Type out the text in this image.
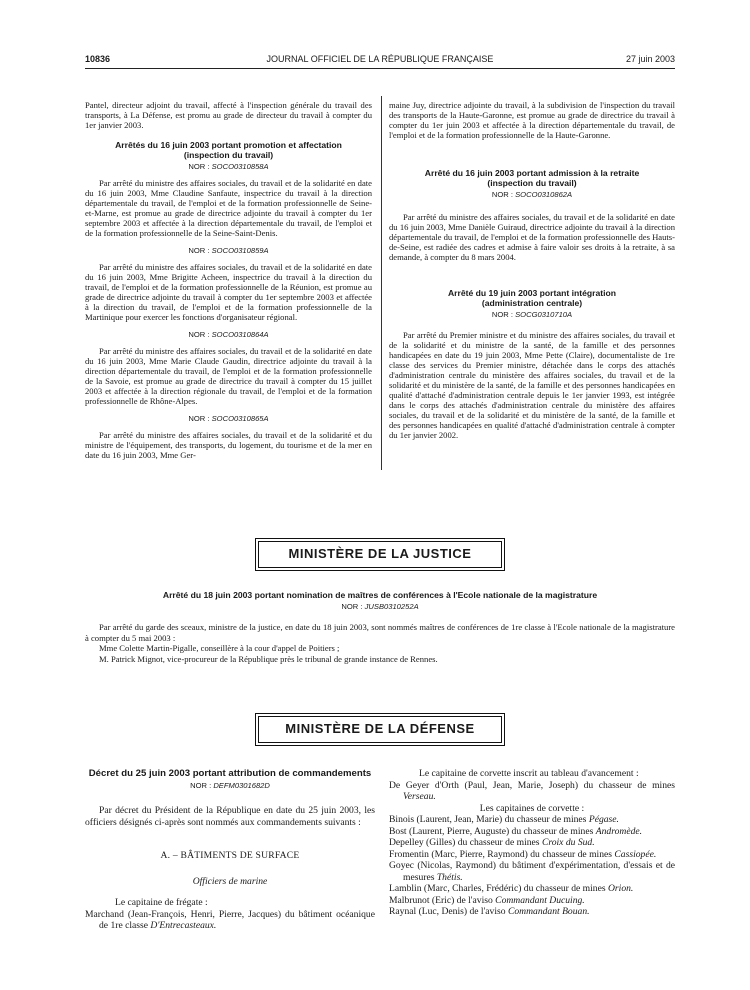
10836	JOURNAL OFFICIEL DE LA RÉPUBLIQUE FRANÇAISE	27 juin 2003

Pantel, directeur adjoint du travail, affecté à l'inspection générale du travail des transports, à La Défense, est promu au grade de directeur du travail à compter du 1er janvier 2003.

Arrêtés du 16 juin 2003 portant promotion et affectation (inspection du travail)
NOR : SOCO0310858A

Par arrêté du ministre des affaires sociales, du travail et de la solidarité en date du 16 juin 2003, Mme Claudine Sanfaute, inspectrice du travail à la direction départementale du travail, de l'emploi et de la formation professionnelle de Seine-et-Marne, est promue au grade de directrice adjointe du travail à compter du 1er septembre 2003 et affectée à la direction départementale du travail, de l'emploi et de la formation professionnelle de la Seine-Saint-Denis.

NOR : SOCO0310859A

Par arrêté du ministre des affaires sociales, du travail et de la solidarité en date du 16 juin 2003, Mme Brigitte Acheen, inspectrice du travail à la direction du travail, de l'emploi et de la formation professionnelle de la Réunion, est promue au grade de directrice adjointe du travail à compter du 1er septembre 2003 et affectée à la direction du travail, de l'emploi et de la formation professionnelle de la Martinique pour exercer les fonctions d'organisateur régional.

NOR : SOCO0310864A

Par arrêté du ministre des affaires sociales, du travail et de la solidarité en date du 16 juin 2003, Mme Marie Claude Gaudin, directrice adjointe du travail à la direction départementale du travail, de l'emploi et de la formation professionnelle de la Savoie, est promue au grade de directrice du travail à compter du 15 juillet 2003 et affectée à la direction régionale du travail, de l'emploi et de la formation professionnelle de Rhône-Alpes.

NOR : SOCO0310865A

Par arrêté du ministre des affaires sociales, du travail et de la solidarité et du ministre de l'équipement, des transports, du logement, du tourisme et de la mer en date du 16 juin 2003, Mme Ger-

maine Juy, directrice adjointe du travail, à la subdivision de l'inspection du travail des transports de la Haute-Garonne, est promue au grade de directrice du travail à compter du 1er juin 2003 et affectée à la direction départementale du travail, de l'emploi et de la formation professionnelle de la Haute-Garonne.

Arrêté du 16 juin 2003 portant admission à la retraite (inspection du travail)
NOR : SOCO0310862A

Par arrêté du ministre des affaires sociales, du travail et de la solidarité en date du 16 juin 2003, Mme Danièle Guiraud, directrice adjointe du travail à la direction départementale du travail, de l'emploi et de la formation professionnelle des Hauts-de-Seine, est radiée des cadres et admise à faire valoir ses droits à la retraite, à sa demande, à compter du 8 mars 2004.

Arrêté du 19 juin 2003 portant intégration (administration centrale)
NOR : SOCG0310710A

Par arrêté du Premier ministre et du ministre des affaires sociales, du travail et de la solidarité et du ministre de la santé, de la famille et des personnes handicapées en date du 19 juin 2003, Mme Pette (Claire), documentaliste de 1re classe des services du Premier ministre, détachée dans le corps des attachés d'administration centrale du ministère des affaires sociales, du travail et de la solidarité et du ministère de la santé, de la famille et des personnes handicapées en qualité d'attaché d'administration centrale depuis le 1er janvier 1993, est intégrée dans le corps des attachés d'administration centrale du ministère des affaires sociales, du travail et de la solidarité et du ministère de la santé, de la famille et des personnes handicapées en qualité d'attaché d'administration centrale à compter du 1er janvier 2002.

MINISTÈRE DE LA JUSTICE
Arrêté du 18 juin 2003 portant nomination de maîtres de conférences à l'Ecole nationale de la magistrature
NOR : JUSB0310252A

Par arrêté du garde des sceaux, ministre de la justice, en date du 18 juin 2003, sont nommés maîtres de conférences de 1re classe à l'Ecole nationale de la magistrature à compter du 5 mai 2003 :

Mme Colette Martin-Pigalle, conseillère à la cour d'appel de Poitiers ;

M. Patrick Mignot, vice-procureur de la République près le tribunal de grande instance de Rennes.

MINISTÈRE DE LA DÉFENSE
Décret du 25 juin 2003 portant attribution de commandements
NOR : DEFM0301682D

Par décret du Président de la République en date du 25 juin 2003, les officiers désignés ci-après sont nommés aux commandements suivants :

A. – BÂTIMENTS DE SURFACE
Officiers de marine

Le capitaine de frégate :

Marchand (Jean-François, Henri, Pierre, Jacques) du bâtiment océanique de 1re classe D'Entrecasteaux.

Le capitaine de corvette inscrit au tableau d'avancement :

De Geyer d'Orth (Paul, Jean, Marie, Joseph) du chasseur de mines Verseau.

Les capitaines de corvette :

Binois (Laurent, Jean, Marie) du chasseur de mines Pégase.

Bost (Laurent, Pierre, Auguste) du chasseur de mines Andromède.

Depelley (Gilles) du chasseur de mines Croix du Sud.

Fromentin (Marc, Pierre, Raymond) du chasseur de mines Cassiopée.

Goyec (Nicolas, Raymond) du bâtiment d'expérimentation, d'essais et de mesures Thétis.

Lamblin (Marc, Charles, Frédéric) du chasseur de mines Orion.

Malbrunot (Eric) de l'aviso Commandant Ducuing.

Raynal (Luc, Denis) de l'aviso Commandant Bouan.
